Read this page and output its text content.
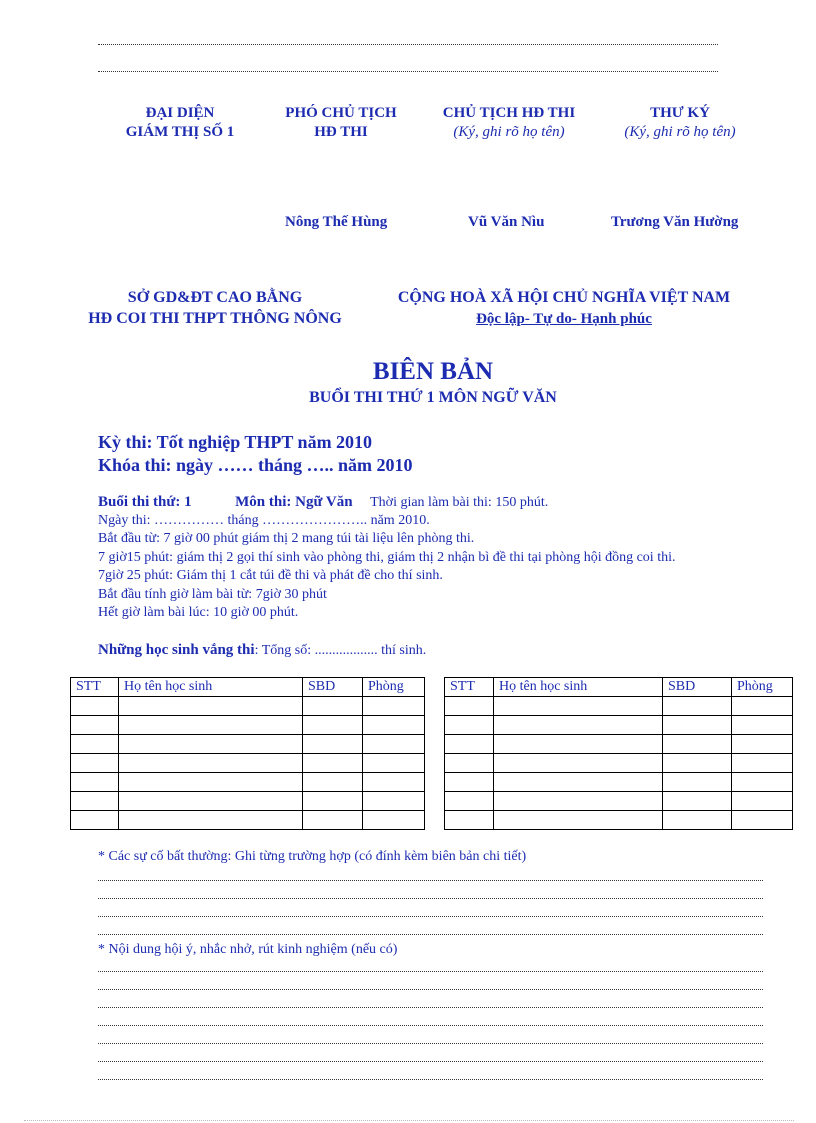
ĐẠI DIỆN
GIÁM THỊ SỐ 1
PHÓ CHỦ TỊCH
HĐ THI
CHỦ TỊCH HĐ THI
(Ký, ghi rõ họ tên)
THƯ KÝ
(Ký, ghi rõ họ tên)
Nông Thế Hùng	Vũ Văn Nìu	Trương Văn Hường
SỞ GD&ĐT CAO BẰNG
HĐ COI THI THPT THÔNG NÔNG
CỘNG HOÀ XÃ HỘI CHỦ NGHĨA VIỆT NAM
Độc lập- Tự do- Hạnh phúc
BIÊN BẢN
BUỔI THI THỨ 1 MÔN NGỮ VĂN
Kỳ thi: Tốt nghiệp THPT năm 2010
Khóa thi: ngày …… tháng ….. năm 2010
Buổi thi thứ: 1	Môn thi: Ngữ Văn Thời gian làm bài thi: 150 phút.
Ngày thi: …………… tháng ………………….. năm 2010.
Bắt đầu từ: 7 giờ 00 phút giám thị 2 mang túi tài liệu lên phòng thi.
7 giờ15 phút: giám thị 2 gọi thí sinh vào phòng thi, giám thị 2 nhận bì đề thi tại phòng hội đồng coi thi.
7giờ 25 phút: Giám thị 1 cắt túi đề thi và phát đề cho thí sinh.
Bắt đầu tính giờ làm bài từ: 7giờ 30 phút
Hết giờ làm bài lúc: 10 giờ 00 phút.
Những học sinh vắng thi: Tổng số: .................. thí sinh.
STT	Họ tên học sinh	SBD	Phòng

				STT	Họ tên học sinh	SBD	Phòng

* Các sự cố bất thường: Ghi từng trường hợp (có đính kèm biên bản chi tiết)
* Nội dung hội ý, nhắc nhở, rút kinh nghiệm (nếu có)
